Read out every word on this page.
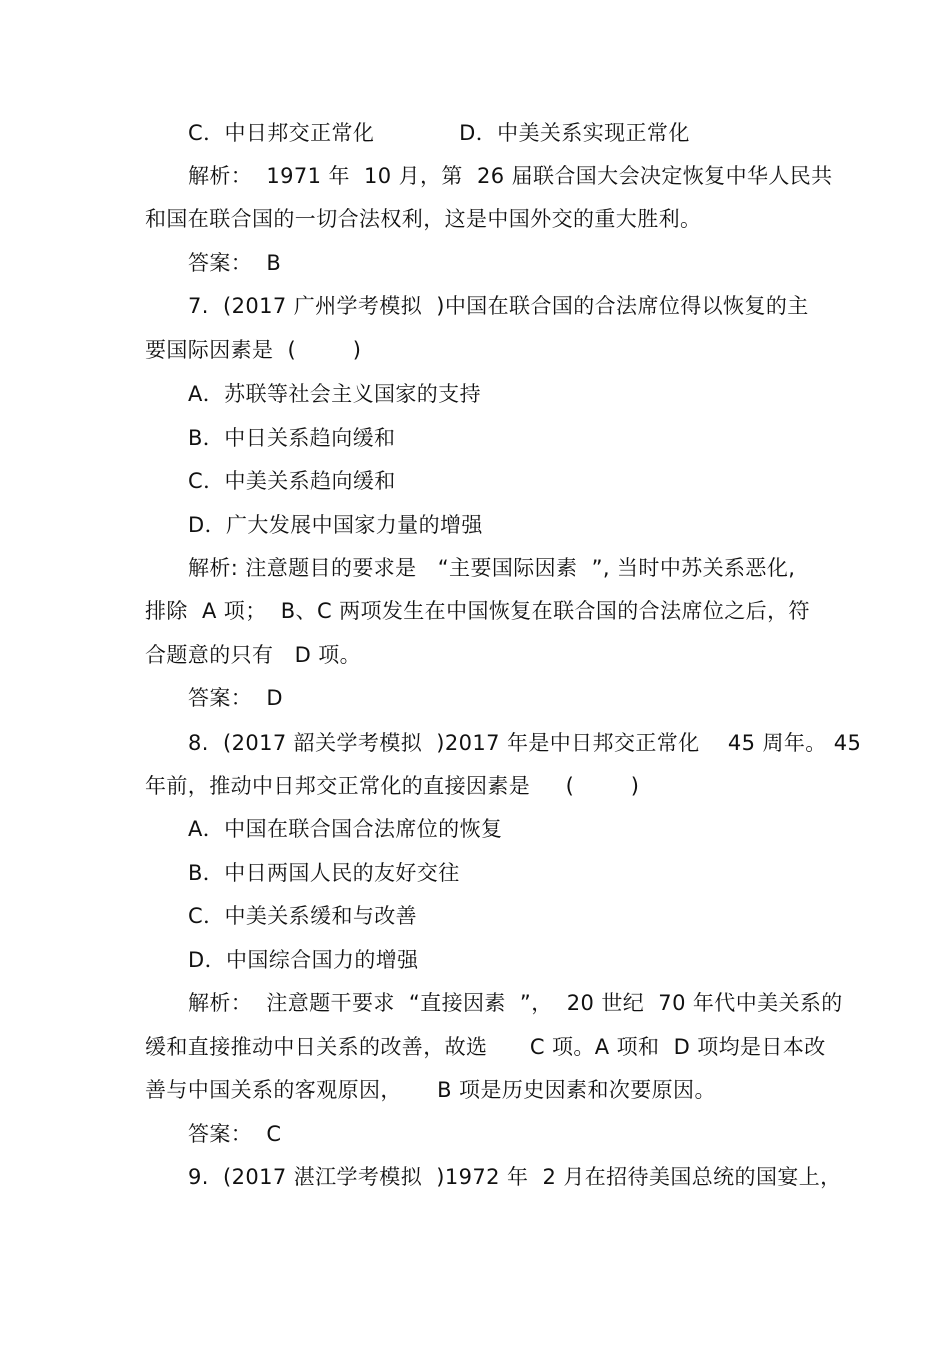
C．中日邦交正常化            D．中美关系实现正常化
解析：  1971 年  10 月，第  26 届联合国大会决定恢复中华人民共
和国在联合国的一切合法权利，这是中国外交的重大胜利。
答案：  B
7.  (2017 广州学考模拟  )中国在联合国的合法席位得以恢复的主
要国际因素是  (        )
A．苏联等社会主义国家的支持
B．中日关系趋向缓和
C．中美关系趋向缓和
D．广大发展中国家力量的增强
解析: 注意题目的要求是   “主要国际因素  ”, 当时中苏关系恶化,
排除  A 项；  B、C 两项发生在中国恢复在联合国的合法席位之后，符
合题意的只有   D 项。
答案：  D
8.  (2017 韶关学考模拟  )2017 年是中日邦交正常化    45 周年。 45
年前，推动中日邦交正常化的直接因素是     (        )
A．中国在联合国合法席位的恢复
B．中日两国人民的友好交往
C．中美关系缓和与改善
D．中国综合国力的增强
解析：  注意题干要求  “直接因素  ”，  20 世纪  70 年代中美关系的
缓和直接推动中日关系的改善，故选      C 项。A 项和  D 项均是日本改
善与中国关系的客观原因，     B 项是历史因素和次要原因。
答案：  C
9.  (2017 湛江学考模拟  )1972 年  2 月在招待美国总统的国宴上，
